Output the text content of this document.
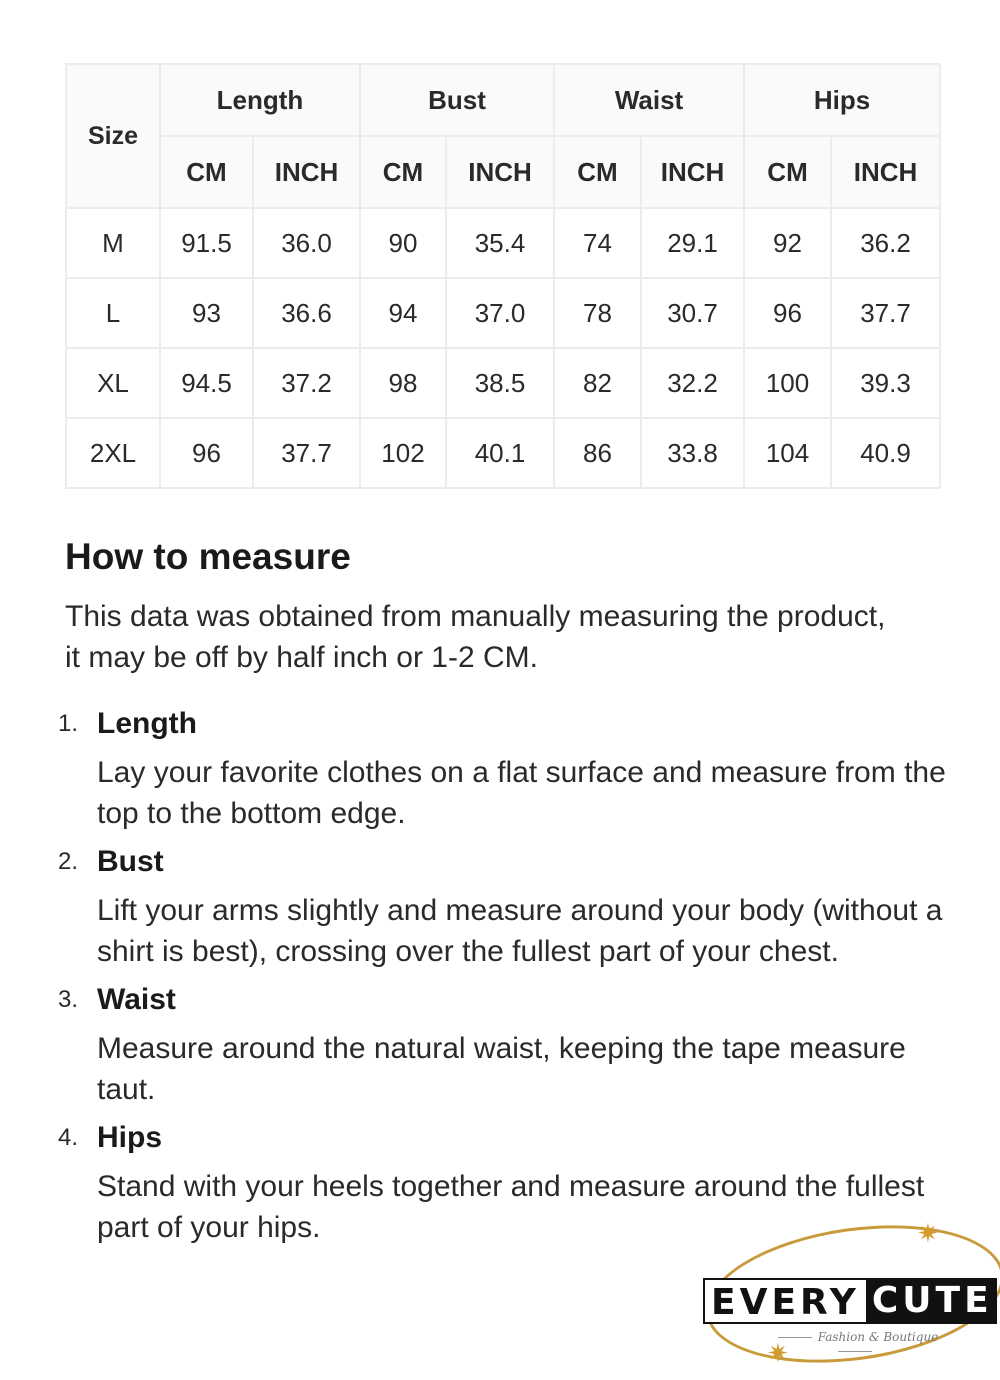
Size	Length		Bust		Waist		Hips	
	CM	INCH	CM	INCH	CM	INCH	CM	INCH
M	91.5	36.0	90	35.4	74	29.1	92	36.2
L	93	36.6	94	37.0	78	30.7	96	37.7
XL	94.5	37.2	98	38.5	82	32.2	100	39.3
2XL	96	37.7	102	40.1	86	33.8	104	40.9
How to measure

This data was obtained from manually measuring the product,
it may be off by half inch or 1-2 CM.

1. Length
Lay your favorite clothes on a flat surface and measure from the top to the bottom edge.
2. Bust
Lift your arms slightly and measure around your body (without a shirt is best), crossing over the fullest part of your chest.
3. Waist
Measure around the natural waist, keeping the tape measure taut.
4. Hips
Stand with your heels together and measure around the fullest part of your hips.	✷
✷
EVERY CUTE
Fashion & Boutique
